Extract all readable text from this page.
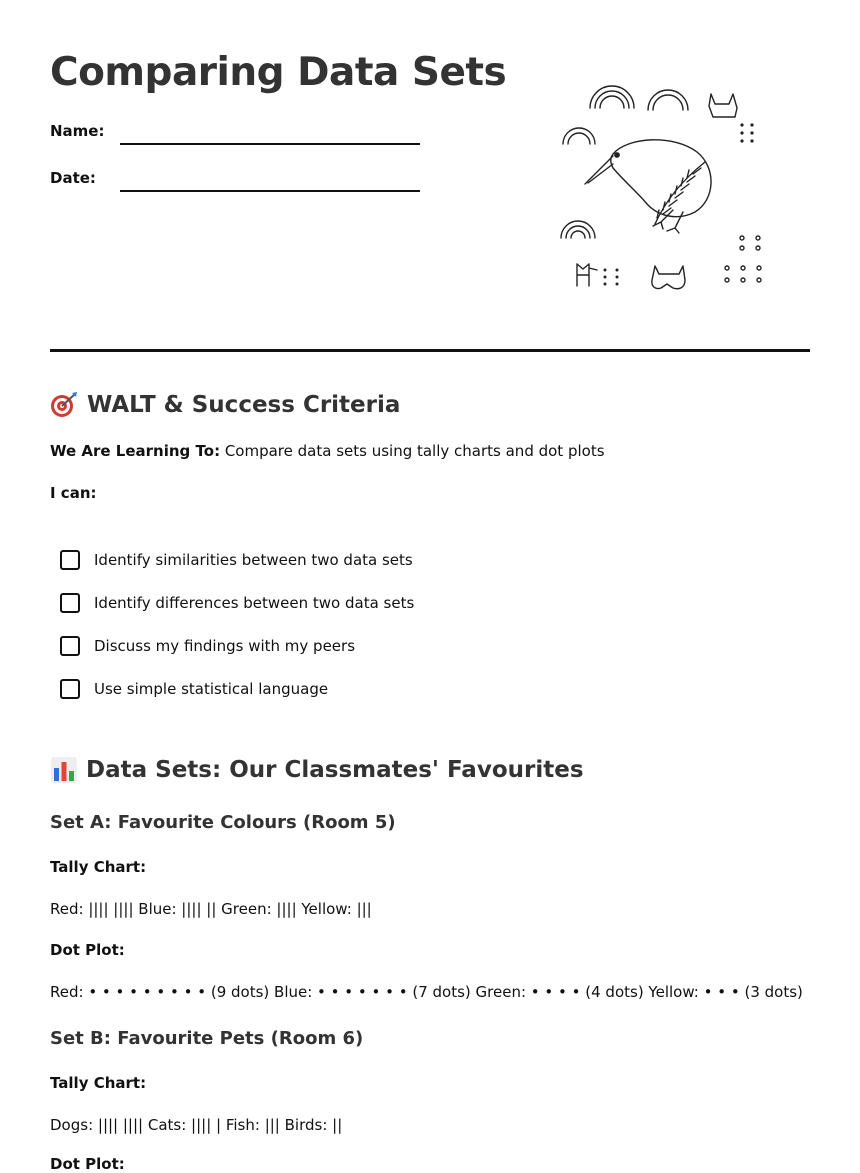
Comparing Data Sets
Name:
Date:
WALT & Success Criteria

We Are Learning To: Compare data sets using tally charts and dot plots

I can:

Identify similarities between two data sets
Identify differences between two data sets
Discuss my findings with my peers
Use simple statistical language
Data Sets: Our Classmates' Favourites
Set A: Favourite Colours (Room 5)

Tally Chart:

Red: |||| |||| Blue: |||| || Green: |||| Yellow: |||

Dot Plot:

Red: • • • • • • • • • (9 dots) Blue: • • • • • • • (7 dots) Green: • • • • (4 dots) Yellow: • • • (3 dots)

Set B: Favourite Pets (Room 6)

Tally Chart:

Dogs: |||| |||| Cats: |||| | Fish: ||| Birds: ||

Dot Plot:
